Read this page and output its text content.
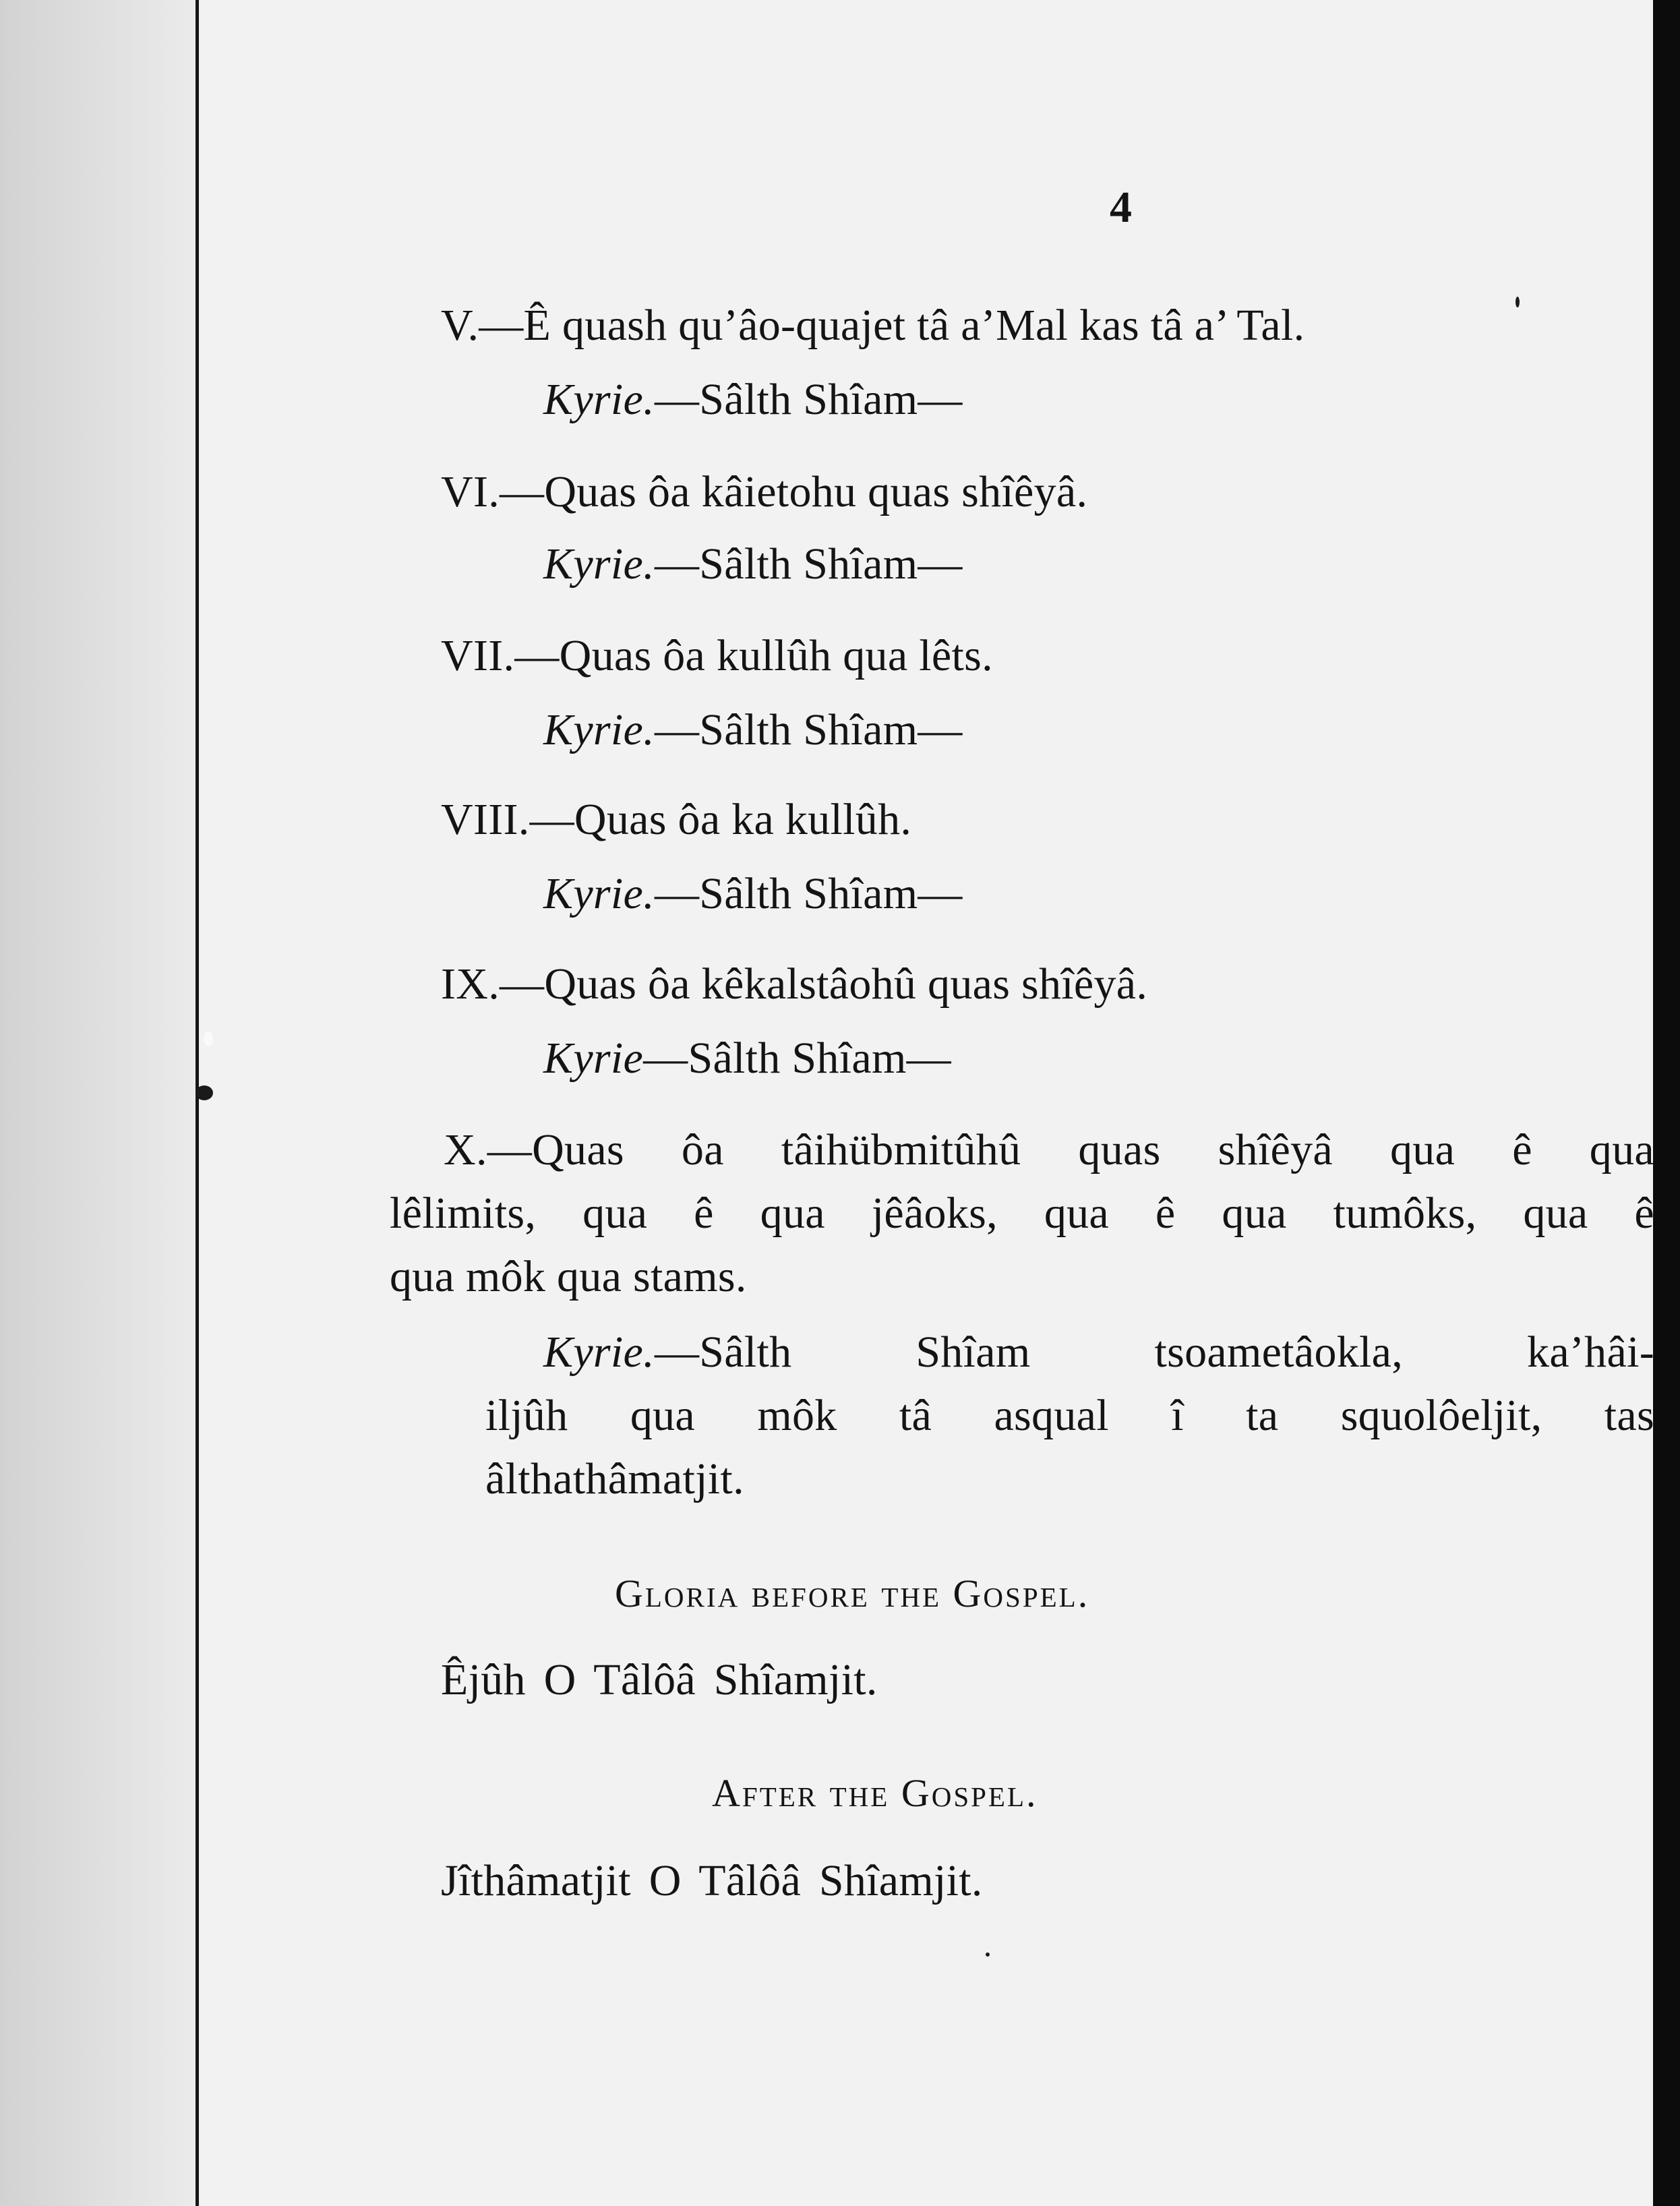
4

V.—Ê quash qu’âo-quajet tâ a’Mal kas tâ a’ Tal.

Kyrie.—Sâlth Shîam—

VI.—Quas ôa kâietohu quas shîêyâ.

Kyrie.—Sâlth Shîam—

VII.—Quas ôa kullûh qua lêts.

Kyrie.—Sâlth Shîam—

VIII.—Quas ôa ka kullûh.

Kyrie.—Sâlth Shîam—

IX.—Quas ôa kêkalstâohû quas shîêyâ.

Kyrie—Sâlth Shîam—

X.—Quas ôa tâihübmitûhû quas shîêyâ qua ê qua

lêlimits, qua ê qua jêâoks, qua ê qua tumôks, qua ê

qua môk qua stams.

Kyrie.—Sâlth Shîam tsoametâokla, ka’hâi-

iljûh qua môk tâ asqual î ta squolôeljit, tas

âlthathâmatjit.

Gloria before the Gospel.

Êjûh O Tâlôâ Shîamjit.

After the Gospel.

Jîthâmatjit O Tâlôâ Shîamjit.
